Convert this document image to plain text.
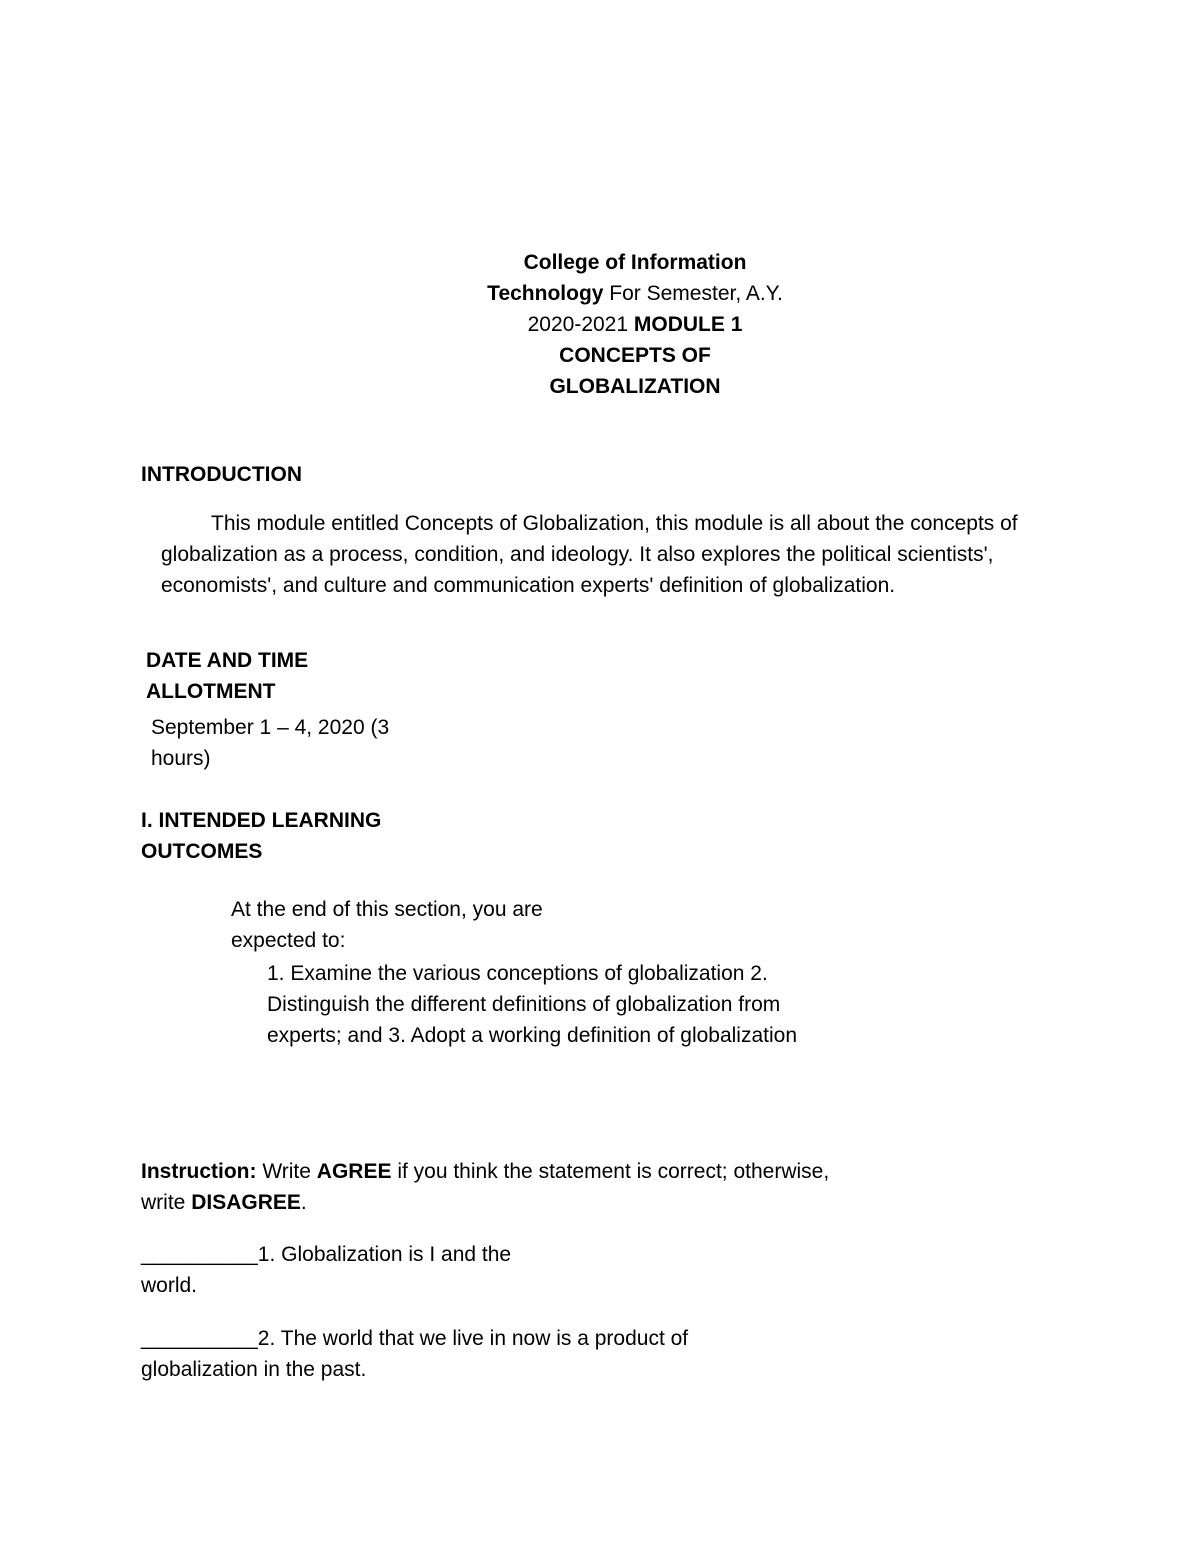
College of Information
Technology For Semester, A.Y.
2020-2021 MODULE 1
CONCEPTS OF
GLOBALIZATION
INTRODUCTION
This module entitled Concepts of Globalization, this module is all about the concepts of
globalization as a process, condition, and ideology. It also explores the political scientists',
economists', and culture and communication experts' definition of globalization.
DATE AND TIME
ALLOTMENT
September 1 – 4, 2020 (3
hours)
I. INTENDED LEARNING
OUTCOMES
At the end of this section, you are
expected to:
1. Examine the various conceptions of globalization 2.
Distinguish the different definitions of globalization from
experts; and 3. Adopt a working definition of globalization
Instruction: Write AGREE if you think the statement is correct; otherwise,
write DISAGREE.
__________1. Globalization is I and the
world.
__________2. The world that we live in now is a product of
globalization in the past.
